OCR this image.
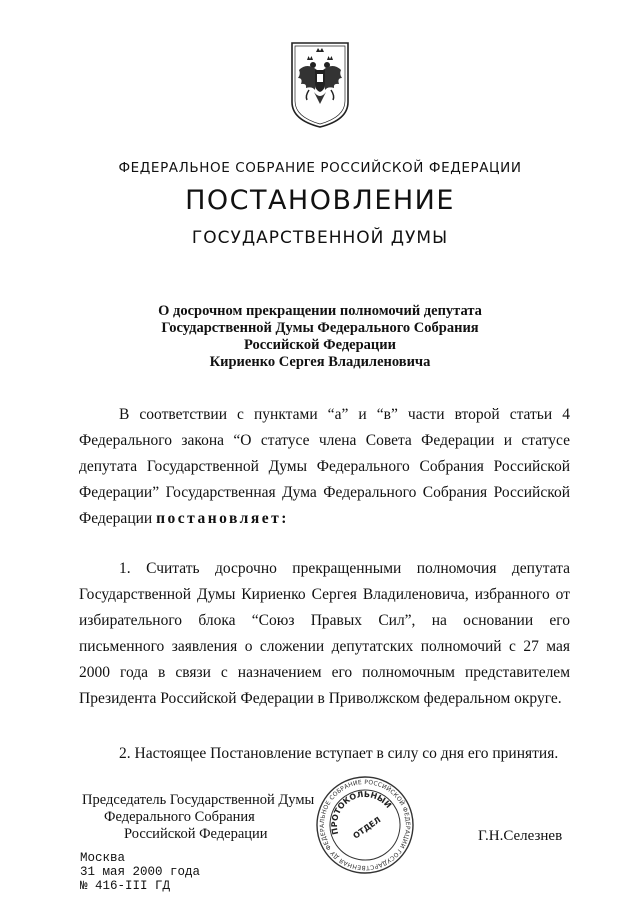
ФЕДЕРАЛЬНОЕ СОБРАНИЕ РОССИЙСКОЙ ФЕДЕРАЦИИ
ПОСТАНОВЛЕНИЕ
ГОСУДАРСТВЕННОЙ ДУМЫ
О досрочном прекращении полномочий депутата
Государственной Думы Федерального Собрания
Российской Федерации
Кириенко Сергея Владиленовича
В соответствии с пунктами “а” и “в” части второй статьи 4 Федерального закона “О статусе члена Совета Федерации и статусе депутата Государственной Думы Федерального Собрания Российской Федерации” Государственная Дума Федерального Собрания Российской Федерации постановляет:
1. Считать досрочно прекращенными полномочия депутата Государственной Думы Кириенко Сергея Владиленовича, избранного от избирательного блока “Союз Правых Сил”, на основании его письменного заявления о сложении депутатских полномочий с 27 мая 2000 года в связи с назначением его полномочным представителем Президента Российской Федерации в Приволжском федеральном округе.
2. Настоящее Постановление вступает в силу со дня его принятия.
Председатель Государственной Думы
Федерального Собрания
Российской Федерации	Г.Н.Селезнев
ФЕДЕРАЛЬНОЕ СОБРАНИЕ РОССИЙСКОЙ ФЕДЕРАЦИИ ГОСУДАРСТВЕННАЯ ДУМА
ПРОТОКОЛЬНЫЙ
ОТДЕЛ
Москва
31 мая 2000 года
№ 416-III ГД
